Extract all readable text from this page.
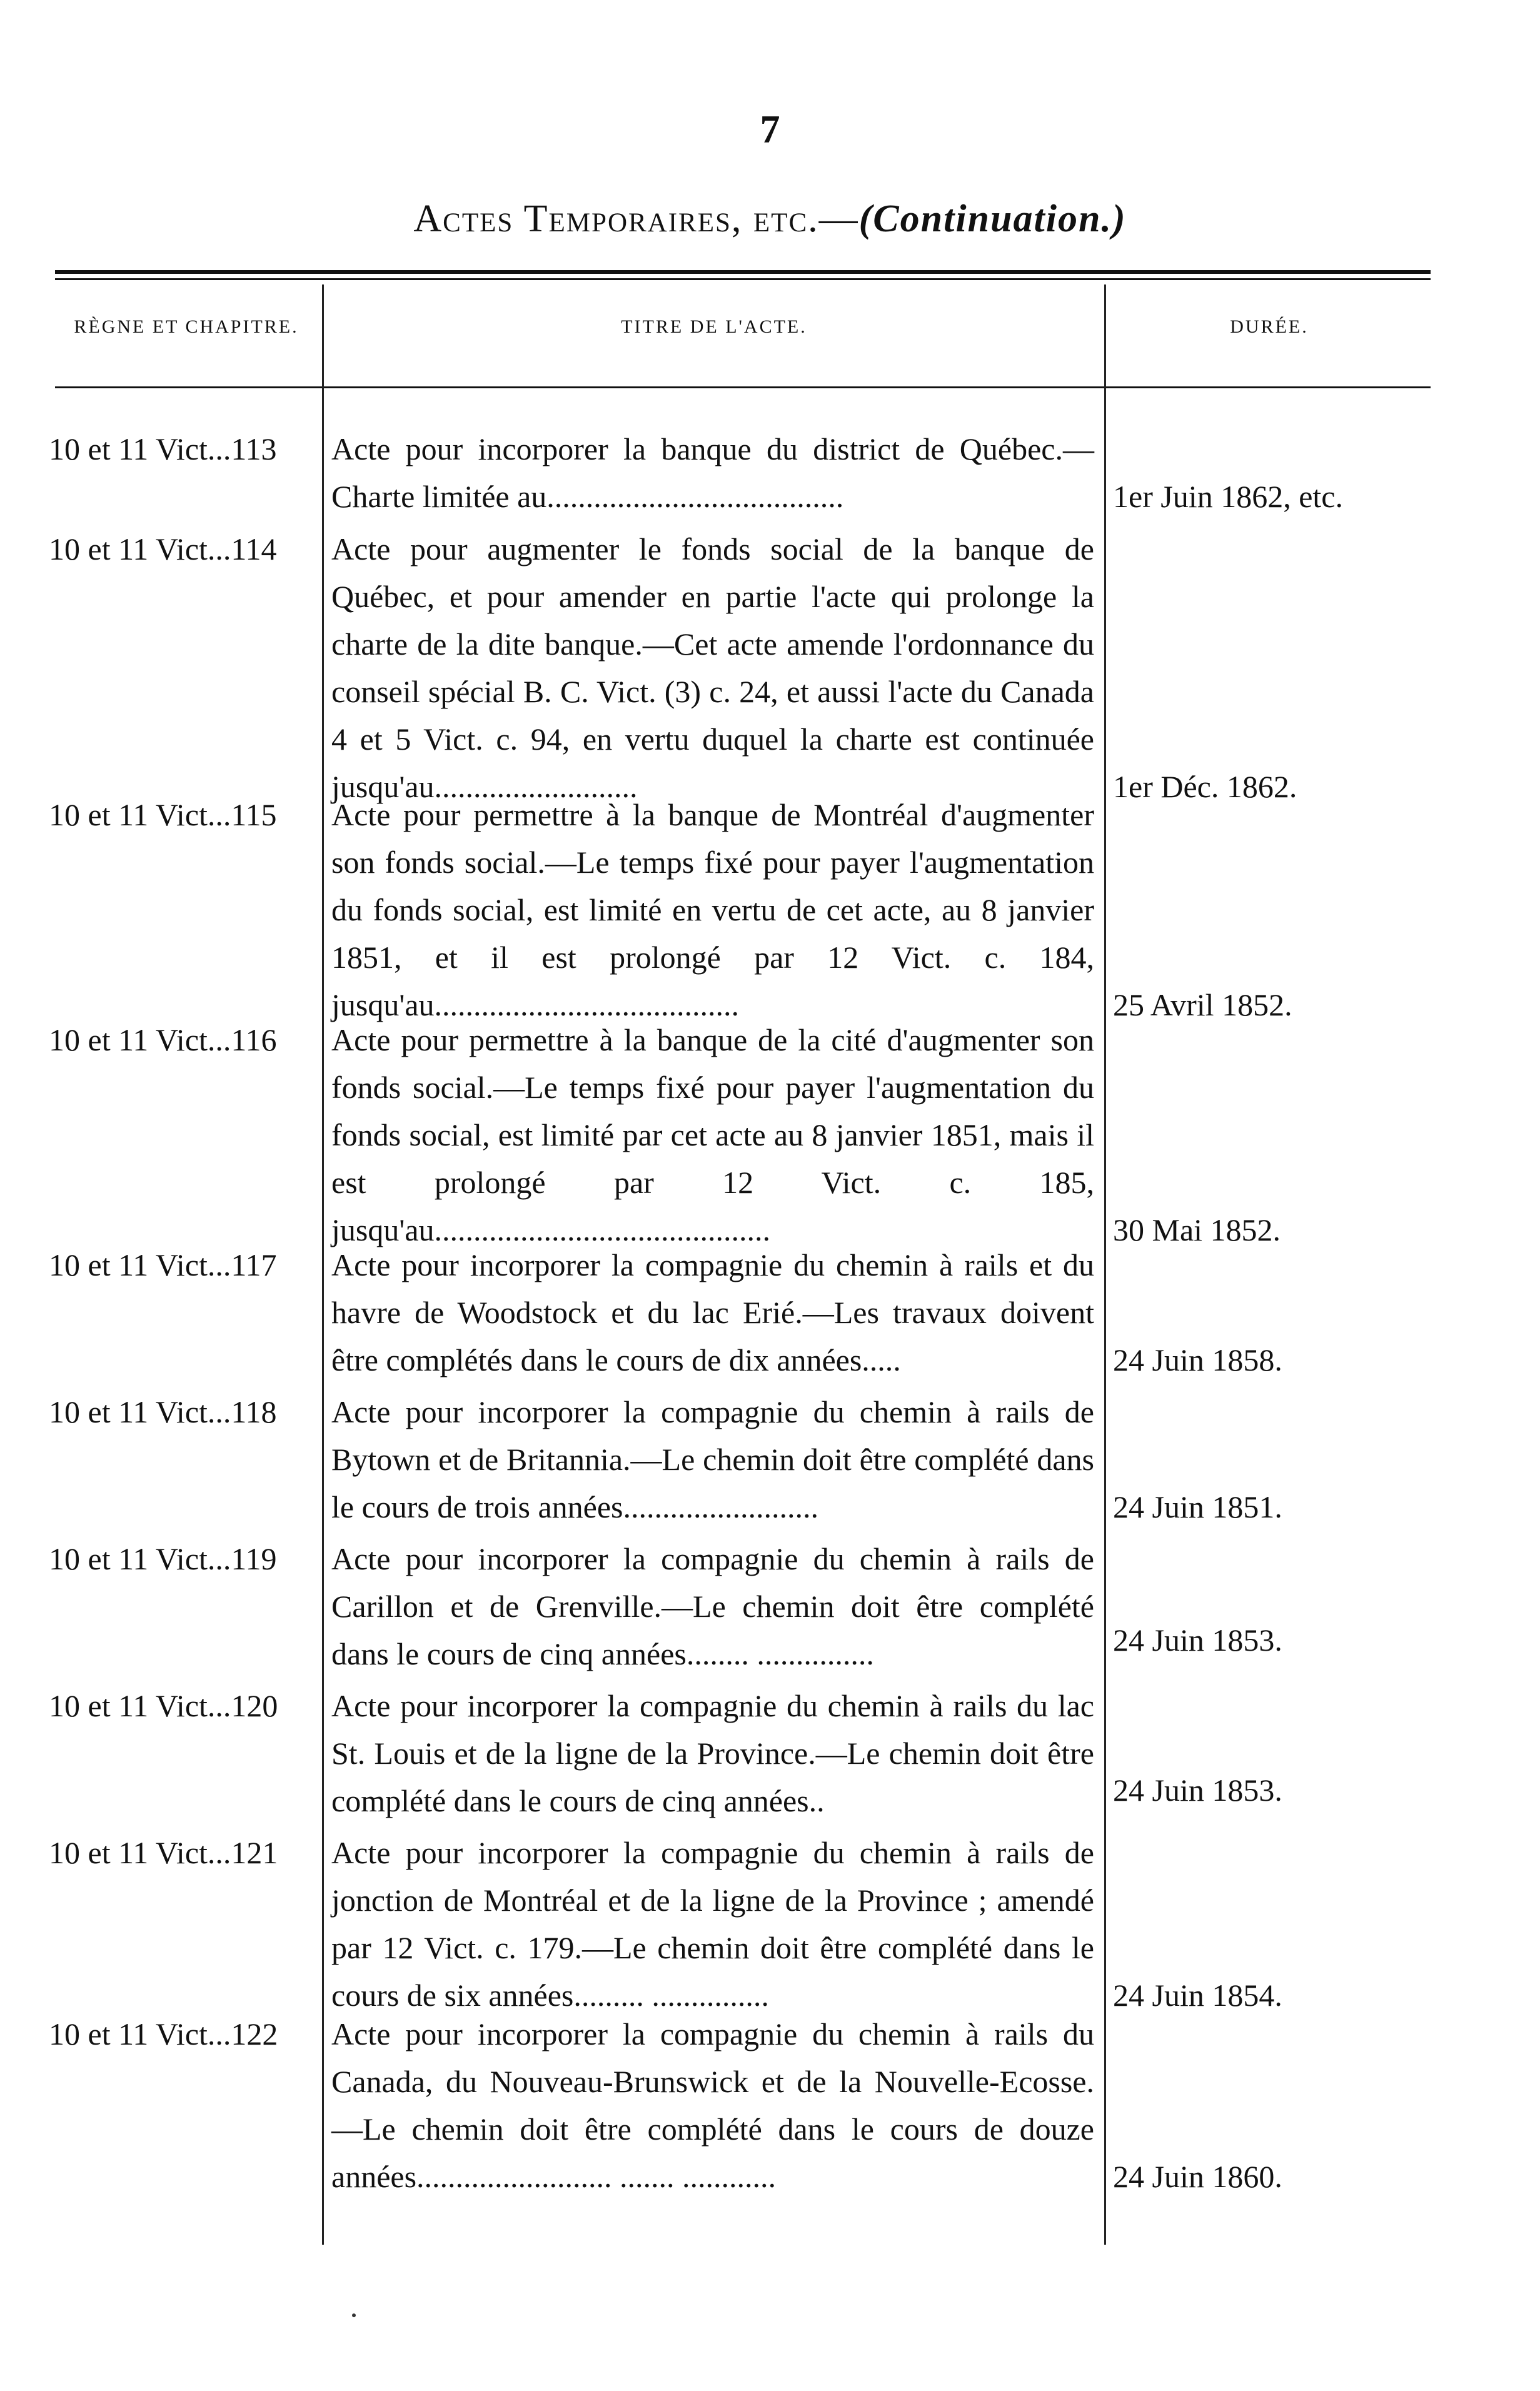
7
Actes Temporaires, etc.—(Continuation.)
RÈGNE ET CHAPITRE.	TITRE DE L'ACTE.	DURÉE.
10 et 11 Vict...113	Acte pour incorporer la banque du district de Québec.— Charte limitée au......................................	1er Juin 1862, etc.
10 et 11 Vict...114	Acte pour augmenter le fonds social de la banque de Québec, et pour amender en partie l'acte qui prolonge la charte de la dite banque.—Cet acte amende l'ordonnance du conseil spécial B. C. Vict. (3) c. 24, et aussi l'acte du Canada 4 et 5 Vict. c. 94, en vertu duquel la charte est continuée jusqu'au..........................	1er Déc. 1862.
10 et 11 Vict...115	Acte pour permettre à la banque de Montréal d'augmenter son fonds social.—Le temps fixé pour payer l'augmentation du fonds social, est limité en vertu de cet acte, au 8 janvier 1851, et il est prolongé par 12 Vict. c. 184, jusqu'au.......................................	25 Avril 1852.
10 et 11 Vict...116	Acte pour permettre à la banque de la cité d'augmenter son fonds social.—Le temps fixé pour payer l'augmentation du fonds social, est limité par cet acte au 8 janvier 1851, mais il est prolongé par 12 Vict. c. 185, jusqu'au...........................................	30 Mai 1852.
10 et 11 Vict...117	Acte pour incorporer la compagnie du chemin à rails et du havre de Woodstock et du lac Erié.—Les travaux doivent être complétés dans le cours de dix années.....	24 Juin 1858.
10 et 11 Vict...118	Acte pour incorporer la compagnie du chemin à rails de Bytown et de Britannia.—Le chemin doit être complété dans le cours de trois années.........................	24 Juin 1851.
10 et 11 Vict...119	Acte pour incorporer la compagnie du chemin à rails de Carillon et de Grenville.—Le chemin doit être complété dans le cours de cinq années........ ...............	24 Juin 1853.
10 et 11 Vict...120	Acte pour incorporer la compagnie du chemin à rails du lac St. Louis et de la ligne de la Province.—Le chemin doit être complété dans le cours de cinq années..	24 Juin 1853.
10 et 11 Vict...121	Acte pour incorporer la compagnie du chemin à rails de jonction de Montréal et de la ligne de la Province ; amendé par 12 Vict. c. 179.—Le chemin doit être complété dans le cours de six années......... ...............	24 Juin 1854.
10 et 11 Vict...122	Acte pour incorporer la compagnie du chemin à rails du Canada, du Nouveau-Brunswick et de la Nouvelle-Ecosse.—Le chemin doit être complété dans le cours de douze années......................... ....... ............	24 Juin 1860.
